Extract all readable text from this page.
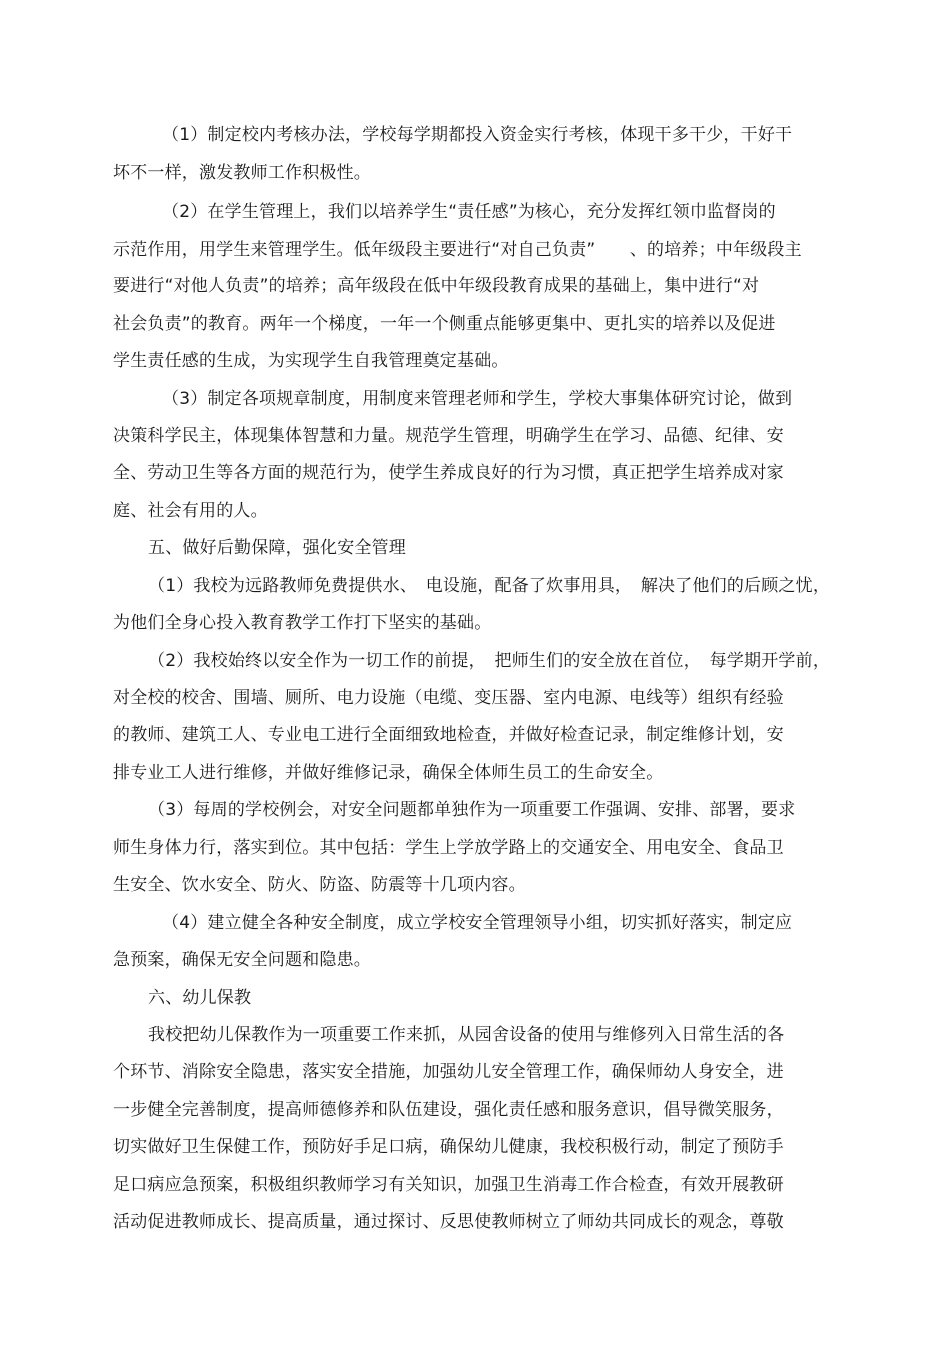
（1）制定校内考核办法，学校每学期都投入资金实行考核，体现干多干少，干好干
坏不一样，激发教师工作积极性。
（2）在学生管理上，我们以培养学生“责任感”为核心，充分发挥红领巾监督岗的
示范作用，用学生来管理学生。低年级段主要进行“对自己负责”　　、的培养；中年级段主
要进行“对他人负责”的培养；高年级段在低中年级段教育成果的基础上，集中进行“对
社会负责”的教育。两年一个梯度，一年一个侧重点能够更集中、更扎实的培养以及促进
学生责任感的生成，为实现学生自我管理奠定基础。
（3）制定各项规章制度，用制度来管理老师和学生，学校大事集体研究讨论，做到
决策科学民主，体现集体智慧和力量。规范学生管理，明确学生在学习、品德、纪律、安
全、劳动卫生等各方面的规范行为，使学生养成良好的行为习惯，真正把学生培养成对家
庭、社会有用的人。
五、做好后勤保障，强化安全管理
（1）我校为远路教师免费提供水、　电设施，配备了炊事用具，　解决了他们的后顾之忧，
为他们全身心投入教育教学工作打下坚实的基础。
（2）我校始终以安全作为一切工作的前提，　把师生们的安全放在首位，　每学期开学前，
对全校的校舍、围墙、厕所、电力设施（电缆、变压器、室内电源、电线等）组织有经验
的教师、建筑工人、专业电工进行全面细致地检查，并做好检查记录，制定维修计划，安
排专业工人进行维修，并做好维修记录，确保全体师生员工的生命安全。
（3）每周的学校例会，对安全问题都单独作为一项重要工作强调、安排、部署，要求
师生身体力行，落实到位。其中包括：学生上学放学路上的交通安全、用电安全、食品卫
生安全、饮水安全、防火、防盗、防震等十几项内容。
（4）建立健全各种安全制度，成立学校安全管理领导小组，切实抓好落实，制定应
急预案，确保无安全问题和隐患。
六、幼儿保教
我校把幼儿保教作为一项重要工作来抓，从园舍设备的使用与维修列入日常生活的各
个环节、消除安全隐患，落实安全措施，加强幼儿安全管理工作，确保师幼人身安全，进
一步健全完善制度，提高师德修养和队伍建设，强化责任感和服务意识，倡导微笑服务，
切实做好卫生保健工作，预防好手足口病，确保幼儿健康，我校积极行动，制定了预防手
足口病应急预案，积极组织教师学习有关知识，加强卫生消毒工作合检查，有效开展教研
活动促进教师成长、提高质量，通过探讨、反思使教师树立了师幼共同成长的观念，尊敬
